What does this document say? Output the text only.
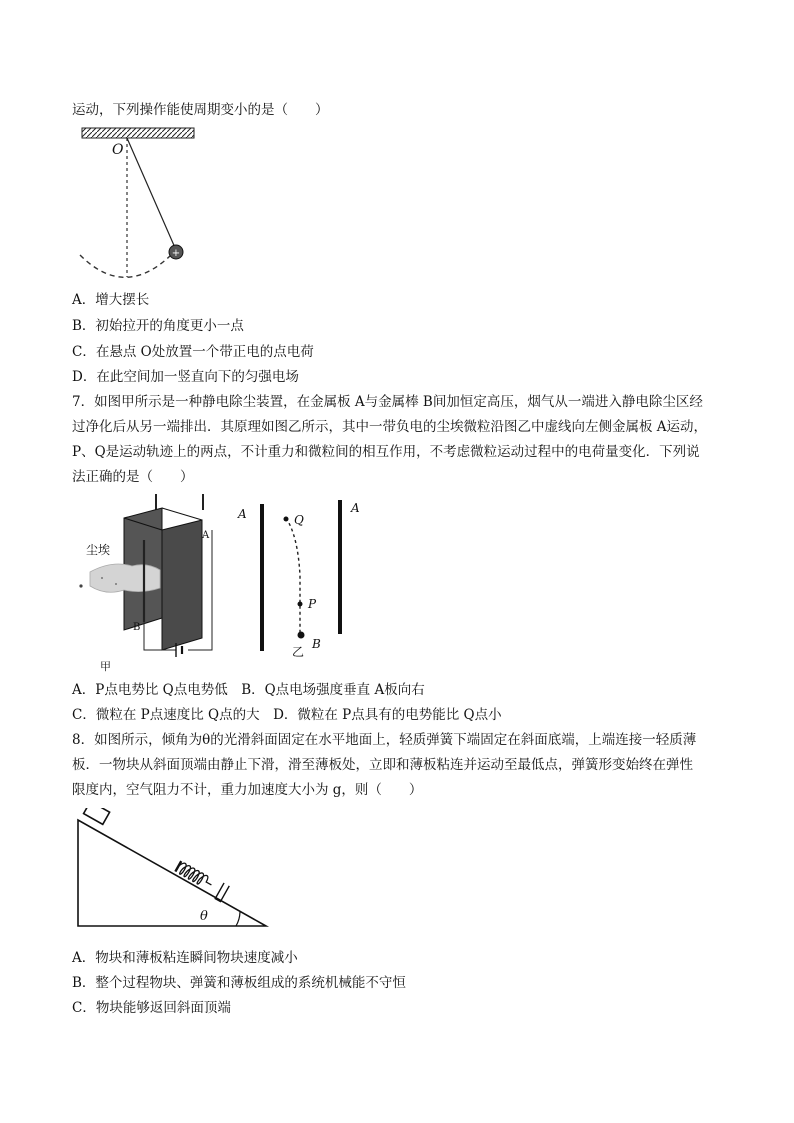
运动，下列操作能使周期变小的是（　　）
+
O
A．增大摆长
B．初始拉开的角度更小一点
C．在悬点 O处放置一个带正电的点电荷
D．在此空间加一竖直向下的匀强电场
7．如图甲所示是一种静电除尘装置，在金属板 A与金属棒 B间加恒定高压，烟气从一端进入静电除尘区经
过净化后从另一端排出．其原理如图乙所示，其中一带负电的尘埃微粒沿图乙中虚线向左侧金属板 A运动，
P、Q是运动轨迹上的两点，不计重力和微粒间的相互作用，不考虑微粒运动过程中的电荷量变化．下列说
法正确的是（　　）
尘埃
A
B
甲
A	A
Q
P
B
乙
A．P点电势比 Q点电势低　B．Q点电场强度垂直 A板向右
C．微粒在 P点速度比 Q点的大　D．微粒在 P点具有的电势能比 Q点小
8．如图所示，倾角为θ的光滑斜面固定在水平地面上，轻质弹簧下端固定在斜面底端，上端连接一轻质薄
板．一物块从斜面顶端由静止下滑，滑至薄板处，立即和薄板粘连并运动至最低点，弹簧形变始终在弹性
限度内，空气阻力不计，重力加速度大小为 g，则（　　）
θ
A．物块和薄板粘连瞬间物块速度减小
B．整个过程物块、弹簧和薄板组成的系统机械能不守恒
C．物块能够返回斜面顶端
